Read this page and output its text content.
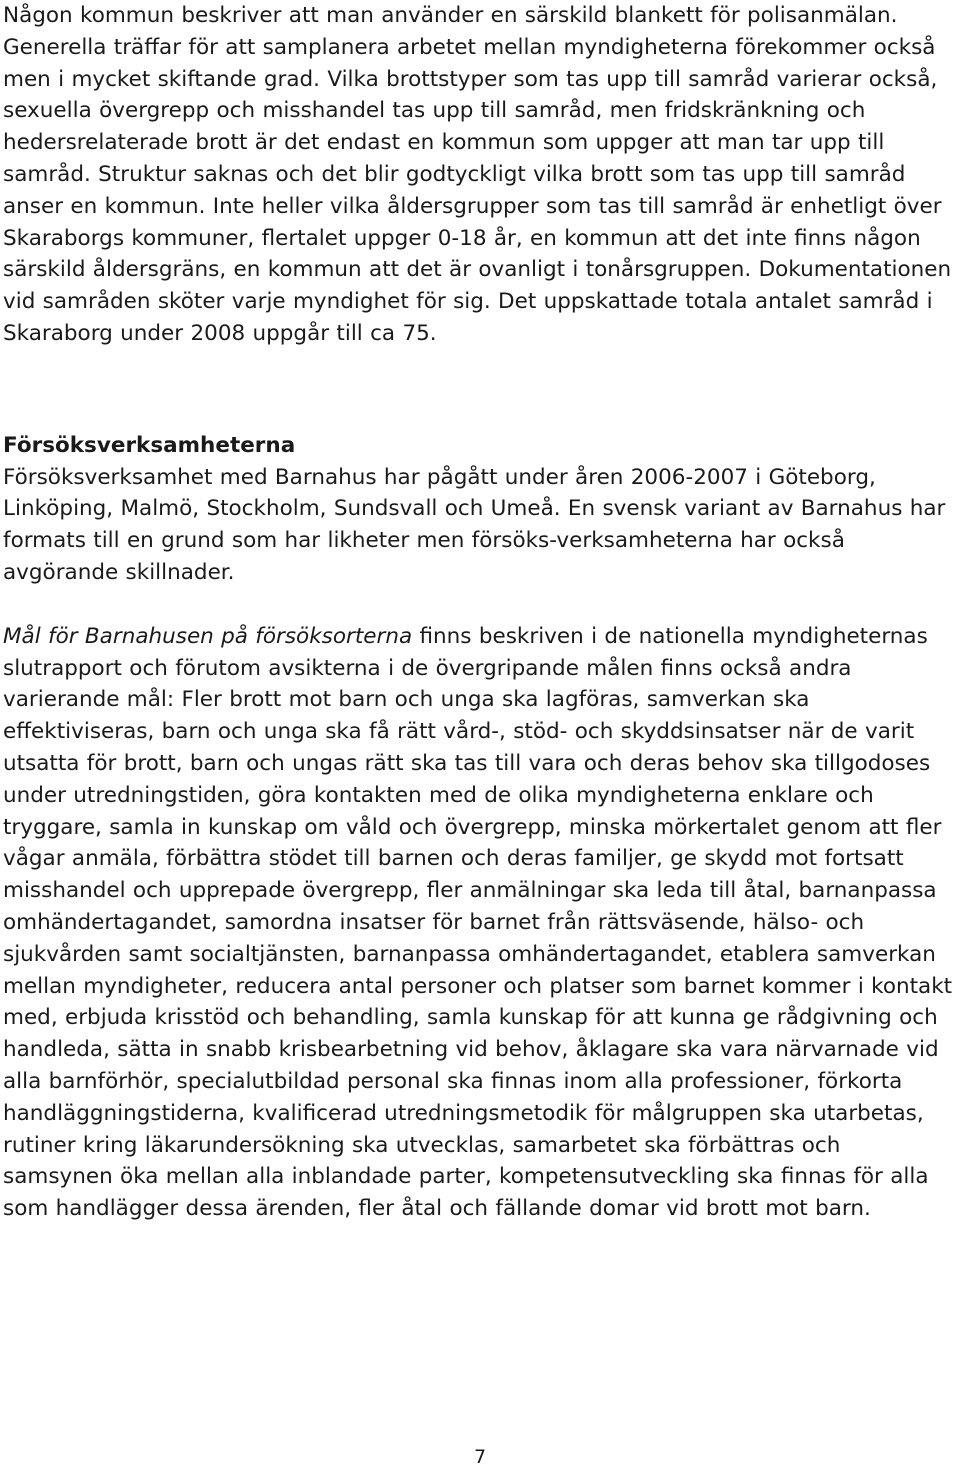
Någon kommun beskriver att man använder en särskild blankett för polisanmälan. Generella träffar för att samplanera arbetet mellan myndigheterna förekommer också men i mycket skiftande grad. Vilka brottstyper som tas upp till samråd varierar också, sexuella övergrepp och misshandel tas upp till samråd, men fridskränkning och hedersrelaterade brott är det endast en kommun som uppger att man tar upp till samråd. Struktur saknas och det blir godtyckligt vilka brott som tas upp till samråd anser en kommun. Inte heller vilka åldersgrupper som tas till samråd är enhetligt över Skaraborgs kommuner, flertalet uppger 0-18 år, en kommun att det inte finns någon särskild åldersgräns, en kommun att det är ovanligt i tonårsgruppen. Dokumentationen vid samråden sköter varje myndighet för sig. Det uppskattade totala antalet samråd i Skaraborg under 2008 uppgår till ca 75.

Försöksverksamheterna

Försöksverksamhet med Barnahus har pågått under åren 2006-2007 i Göteborg, Linköping, Malmö, Stockholm, Sundsvall och Umeå. En svensk variant av Barnahus har formats till en grund som har likheter men försöks-verksamheterna har också avgörande skillnader.

Mål för Barnahusen på försöksorterna finns beskriven i de nationella myndigheternas slutrapport och förutom avsikterna i de övergripande målen finns också andra varierande mål: Fler brott mot barn och unga ska lagföras, samverkan ska effektiviseras, barn och unga ska få rätt vård-, stöd- och skyddsinsatser när de varit utsatta för brott, barn och ungas rätt ska tas till vara och deras behov ska tillgodoses under utredningstiden, göra kontakten med de olika myndigheterna enklare och tryggare, samla in kunskap om våld och övergrepp, minska mörkertalet genom att fler vågar anmäla, förbättra stödet till barnen och deras familjer, ge skydd mot fortsatt misshandel och upprepade övergrepp, fler anmälningar ska leda till åtal, barnanpassa omhändertagandet, samordna insatser för barnet från rättsväsende, hälso- och sjukvården samt socialtjänsten, barnanpassa omhändertagandet, etablera samverkan mellan myndigheter, reducera antal personer och platser som barnet kommer i kontakt med, erbjuda krisstöd och behandling, samla kunskap för att kunna ge rådgivning och handleda, sätta in snabb krisbearbetning vid behov, åklagare ska vara närvarnade vid alla barnförhör, specialutbildad personal ska finnas inom alla professioner, förkorta handläggningstiderna, kvalificerad utredningsmetodik för målgruppen ska utarbetas, rutiner kring läkarundersökning ska utvecklas, samarbetet ska förbättras och samsynen öka mellan alla inblandade parter, kompetensutveckling ska finnas för alla som handlägger dessa ärenden, fler åtal och fällande domar vid brott mot barn.

7
